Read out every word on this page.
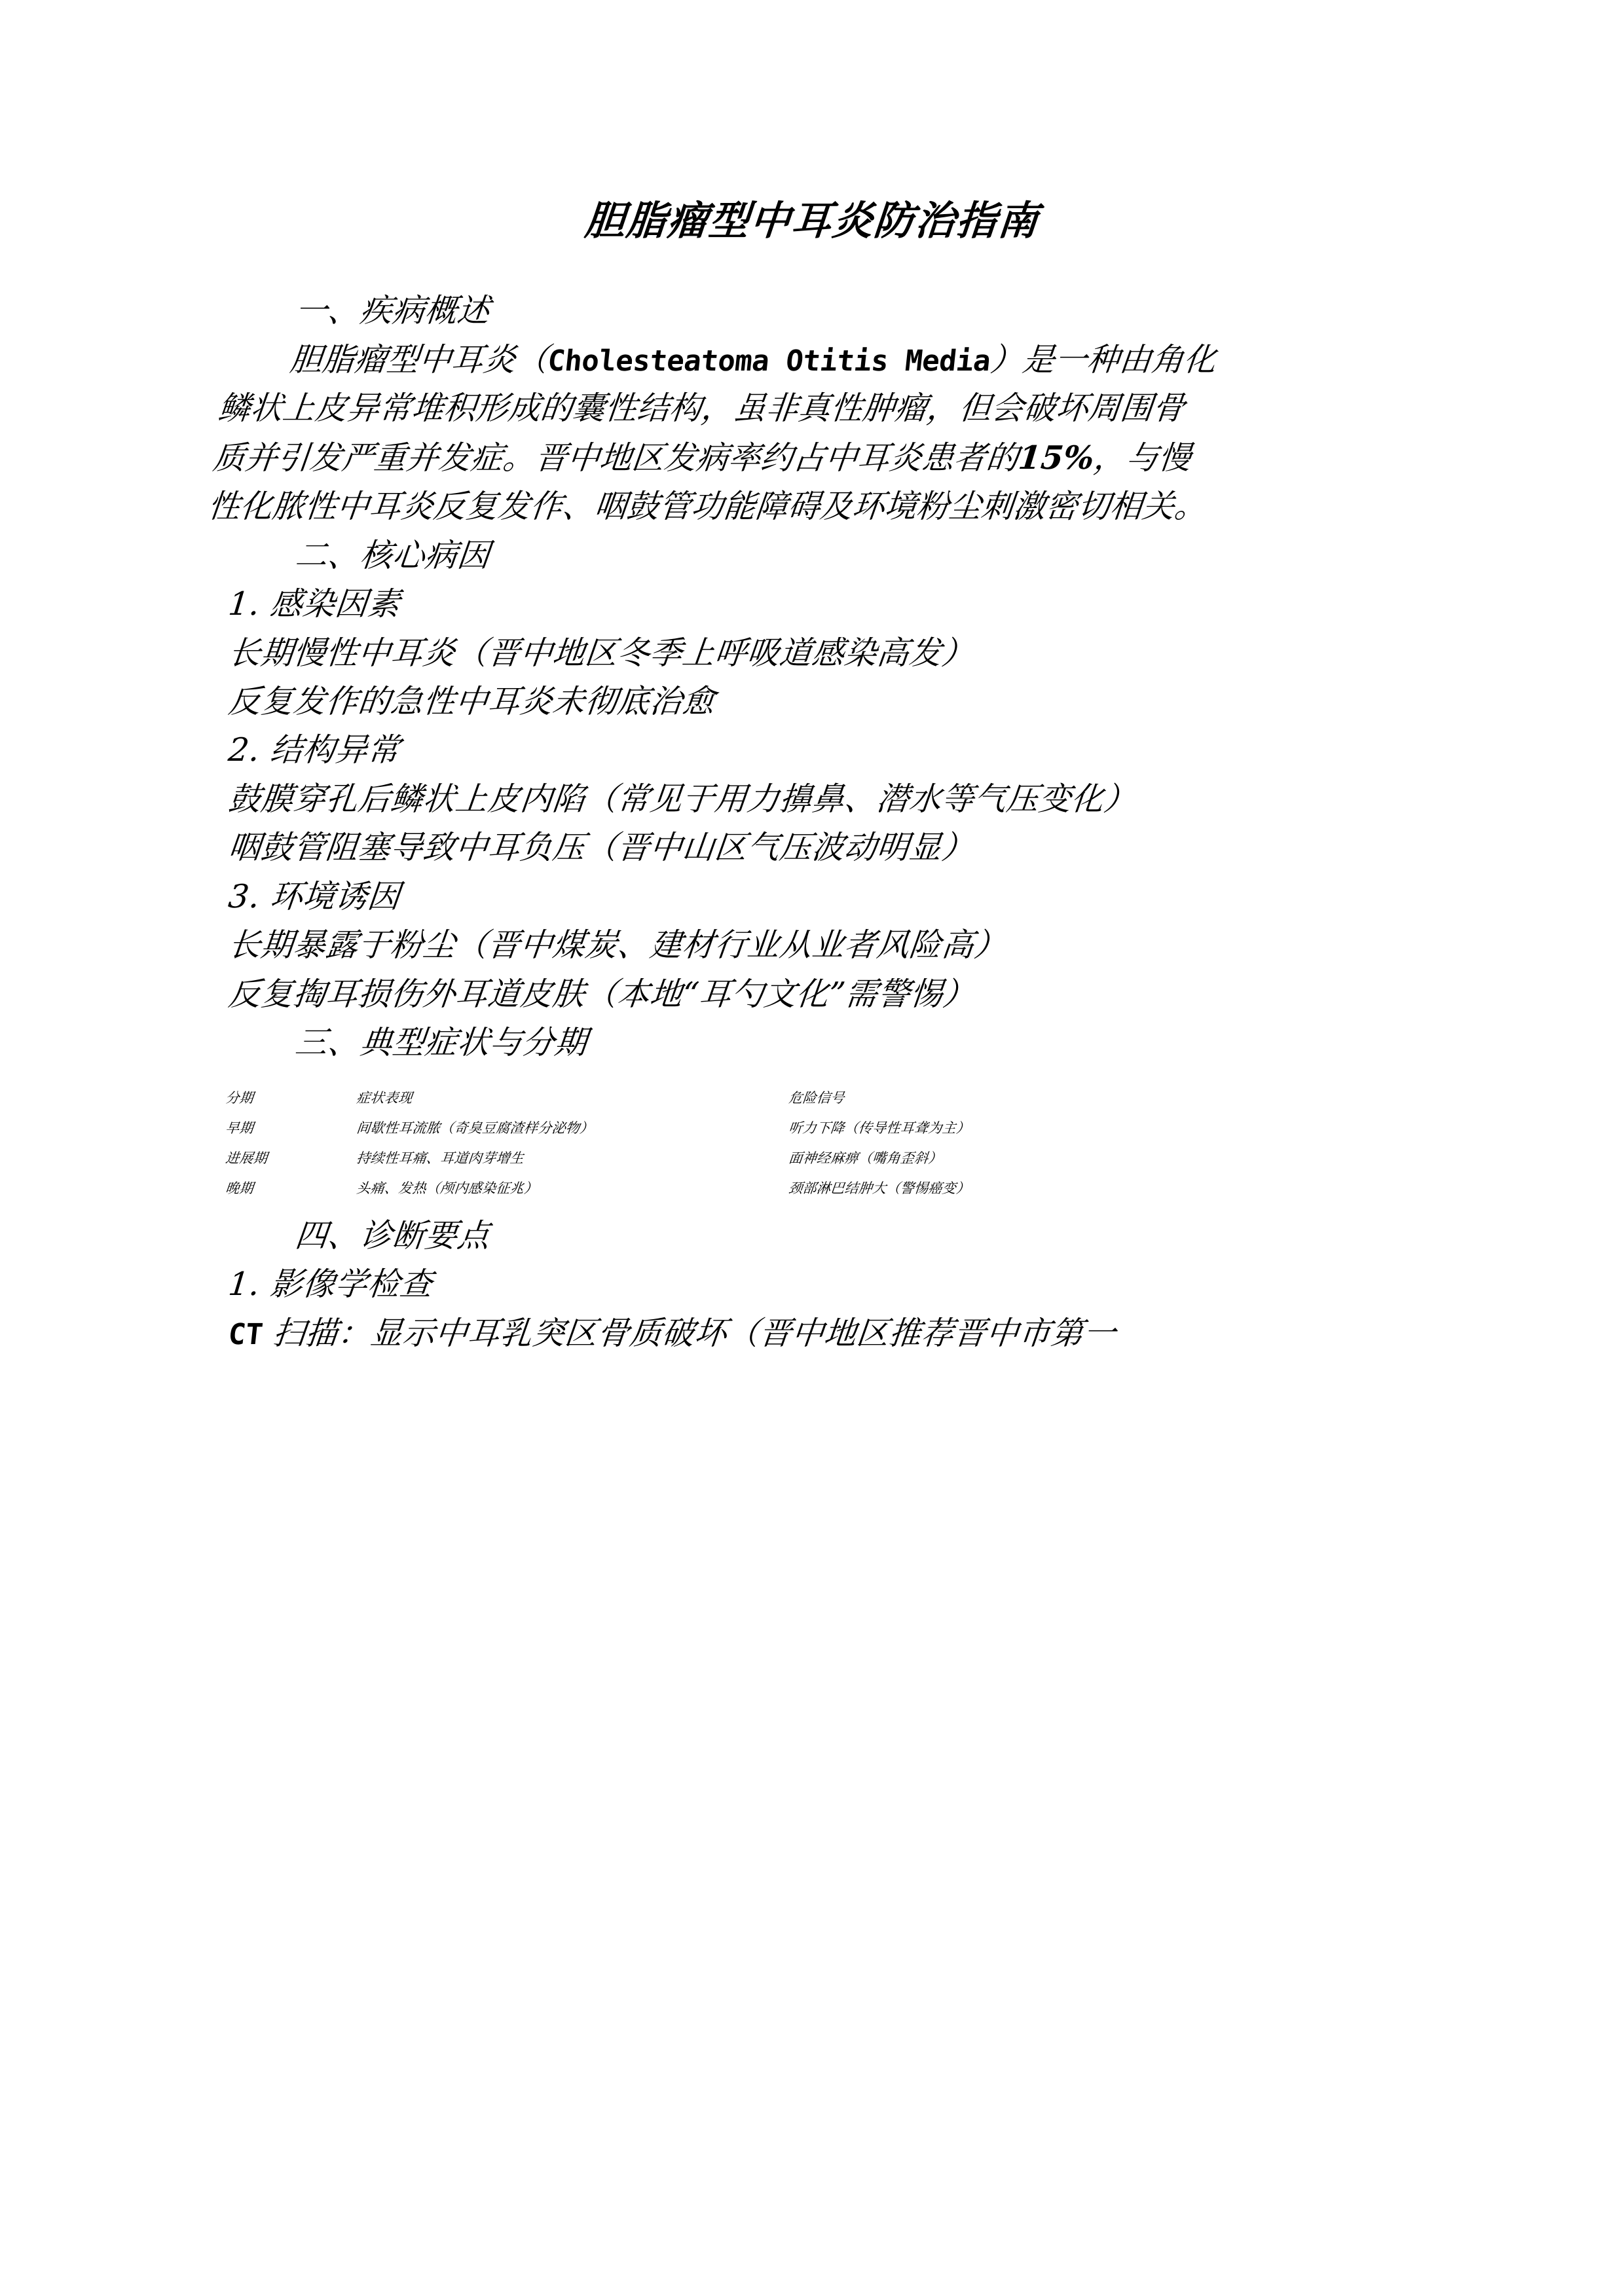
胆脂瘤型中耳炎防治指南

一、疾病概述

胆脂瘤型中耳炎（Cholesteatoma Otitis Media）是一种由角化
鳞状上皮异常堆积形成的囊性结构，虽非真性肿瘤，但会破坏周围骨
质并引发严重并发症。晋中地区发病率约占中耳炎患者的15%，与慢
性化脓性中耳炎反复发作、咽鼓管功能障碍及环境粉尘刺激密切相关。

二、核心病因

1. 感染因素

长期慢性中耳炎（晋中地区冬季上呼吸道感染高发）

反复发作的急性中耳炎未彻底治愈

2. 结构异常

鼓膜穿孔后鳞状上皮内陷（常见于用力擤鼻、潜水等气压变化）

咽鼓管阻塞导致中耳负压（晋中山区气压波动明显）

3. 环境诱因

长期暴露于粉尘（晋中煤炭、建材行业从业者风险高）

反复掏耳损伤外耳道皮肤（本地“耳勺文化”需警惕）

三、典型症状与分期

分期	症状表现	危险信号
早期	间歇性耳流脓（奇臭豆腐渣样分泌物）	听力下降（传导性耳聋为主）
进展期	持续性耳痛、耳道肉芽增生	面神经麻痹（嘴角歪斜）
晚期	头痛、发热（颅内感染征兆）	颈部淋巴结肿大（警惕癌变）

四、诊断要点

1. 影像学检查

CT 扫描：显示中耳乳突区骨质破坏（晋中地区推荐晋中市第一
